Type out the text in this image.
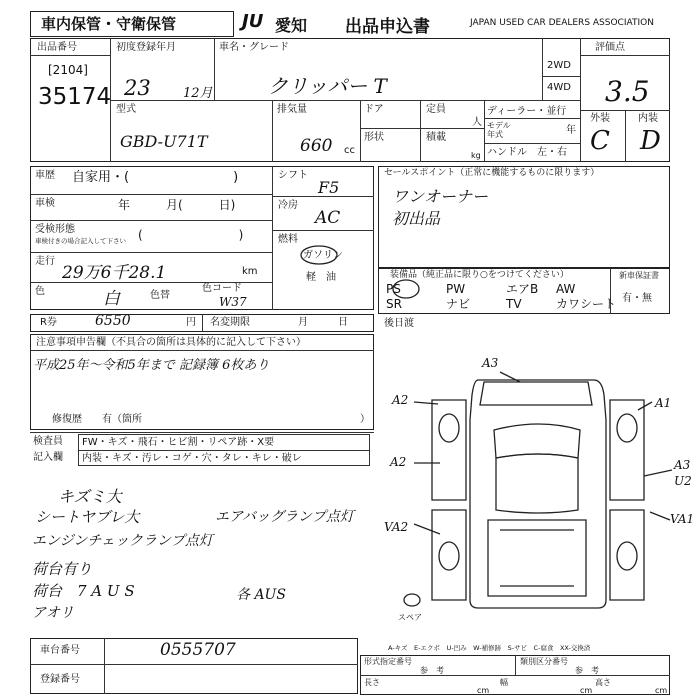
車内保管・守衛保管	JU 愛知 出品申込書	JAPAN USED CAR DEALERS ASSOCIATION
出品番号
[2104]
35174
初度登録年月
23 12月
車名・グレード
クリッパー T
2WD
4WD
評価点
3.5
外装	内装
C D
型式
GBD-U71T
排気量
660 cc
ドア
形状
定員
人
積載
kg
ディーラー・並行
モデル
年式	年
ハンドル　左・右
車歴 自家用・(　　　　　　　　)
車検	年　　　月(　　　日)
受検形態
車検付きの場合記入して下さい (　　　　　　　　)
走行
29万6千28.1	km
色	白	色替
色コード
W37
シフト
F5
冷房
AC
燃料
ガソリン
軽　油
セールスポイント（正常に機能するものに限ります）
ワンオーナー
初出品
装備品（純正品に限り○をつけてください）
PS	PW	エアB AW
SR	ナビ	TV	カワシート
新車保証書
有・無
R券	6550	円 名変期限	月　　　日
注意事項申告欄（不具合の箇所は具体的に記入して下さい）
平成25年〜令和5年まで 記録簿 6枚あり
修復歴　　有（箇所	）
後日渡
検査員
記入欄
FW・キズ・飛石・ヒビ割・リペア跡・X要
内装・キズ・汚レ・コゲ・穴・タレ・キレ・破レ
キズミ大
シートヤブレ大	エアバッグランプ点灯
エンジンチェックランプ点灯
荷台有り
荷台　7 A U S
アオリ
各 AUS
車台番号	0555707
登録番号
A-キズ　E-エクボ　U-凹み　W-補修跡　S-サビ　C-腐食　XX-交換済
形式指定番号
参　考
類別区分番号
参　考
長さ
cm
幅
cm
高さ
cm
スペア
A3
A2	A1
A2	A3
U2
VA2
VA1
